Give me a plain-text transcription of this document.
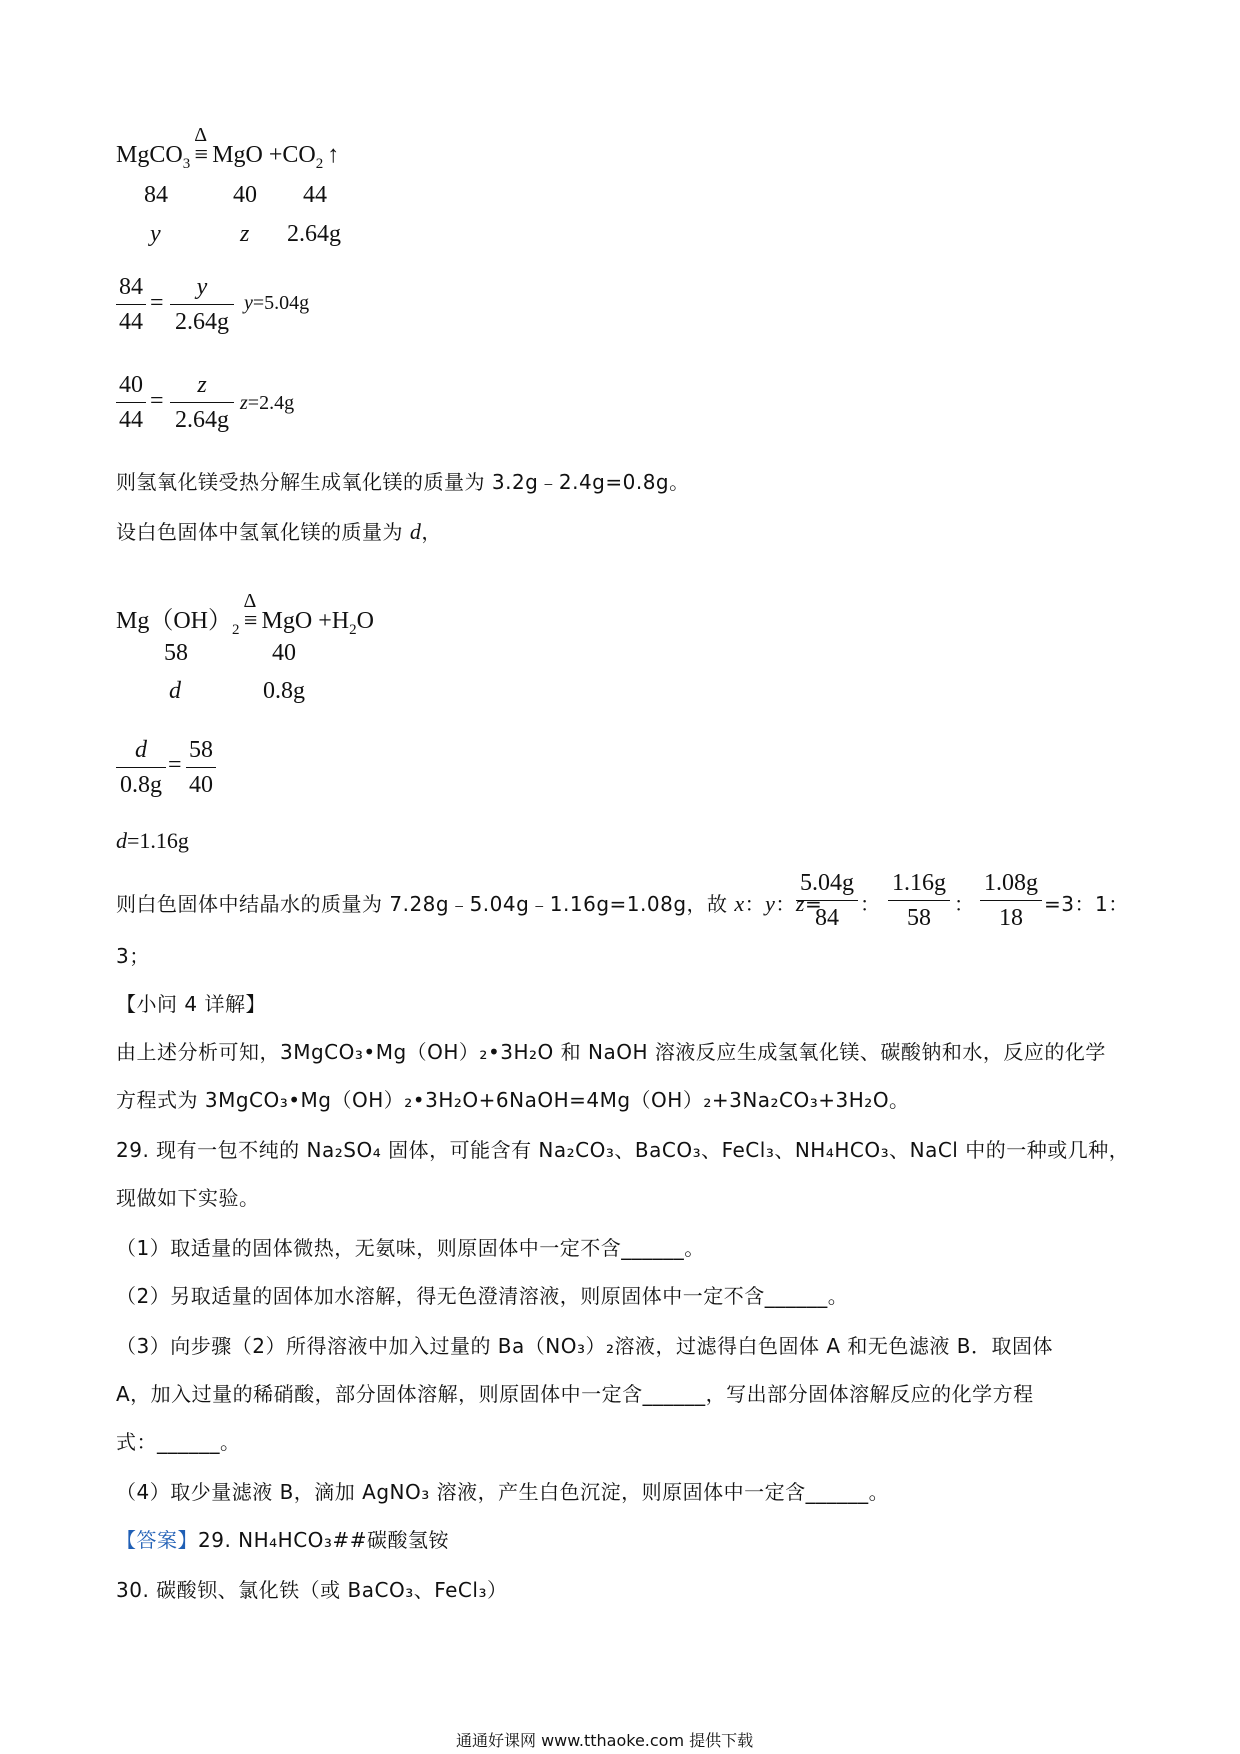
MgCO$_3$
Δ
≡ MgO $+CO_2$ ↑
84	40 44
y	z 2.64g
84
44
=
y
2.64g
y=5.04g
40
44
=
z
2.64g
z=2.4g
则氢氧化镁受热分解生成氧化镁的质量为 3.2g﹣2.4g=0.8g。
设白色固体中氢氧化镁的质量为 d，
$Mg(OH)_2$
Δ
≡ MgO $+H_2O$
58	40
d	0.8g
d
0.8g
=
58
40
d=1.16g
则白色固体中结晶水的质量为 7.28g﹣5.04g﹣1.16g=1.08g，故 x：y：z=
5.04g
84
：
1.16g
58
：
1.08g
18
=3：1：
3；
【小问 4 详解】
由上述分析可知，3MgCO₃•Mg（OH）₂•3H₂O 和 NaOH 溶液反应生成氢氧化镁、碳酸钠和水，反应的化学
方程式为 3MgCO₃•Mg（OH）₂•3H₂O+6NaOH=4Mg（OH）₂+3Na₂CO₃+3H₂O。
29. 现有一包不纯的 Na₂SO₄ 固体，可能含有 Na₂CO₃、BaCO₃、FeCl₃、NH₄HCO₃、NaCl 中的一种或几种，
现做如下实验。
（1）取适量的固体微热，无氨味，则原固体中一定不含______。
（2）另取适量的固体加水溶解，得无色澄清溶液，则原固体中一定不含______。
（3）向步骤（2）所得溶液中加入过量的 Ba（NO₃）₂溶液，过滤得白色固体 A 和无色滤液 B．取固体
A，加入过量的稀硝酸，部分固体溶解，则原固体中一定含______，写出部分固体溶解反应的化学方程
式：______。
（4）取少量滤液 B，滴加 AgNO₃ 溶液，产生白色沉淀，则原固体中一定含______。
【答案】29. NH₄HCO₃##碳酸氢铵
30. 碳酸钡、氯化铁（或 BaCO₃、FeCl₃）
通通好课网 www.tthaoke.com 提供下载
